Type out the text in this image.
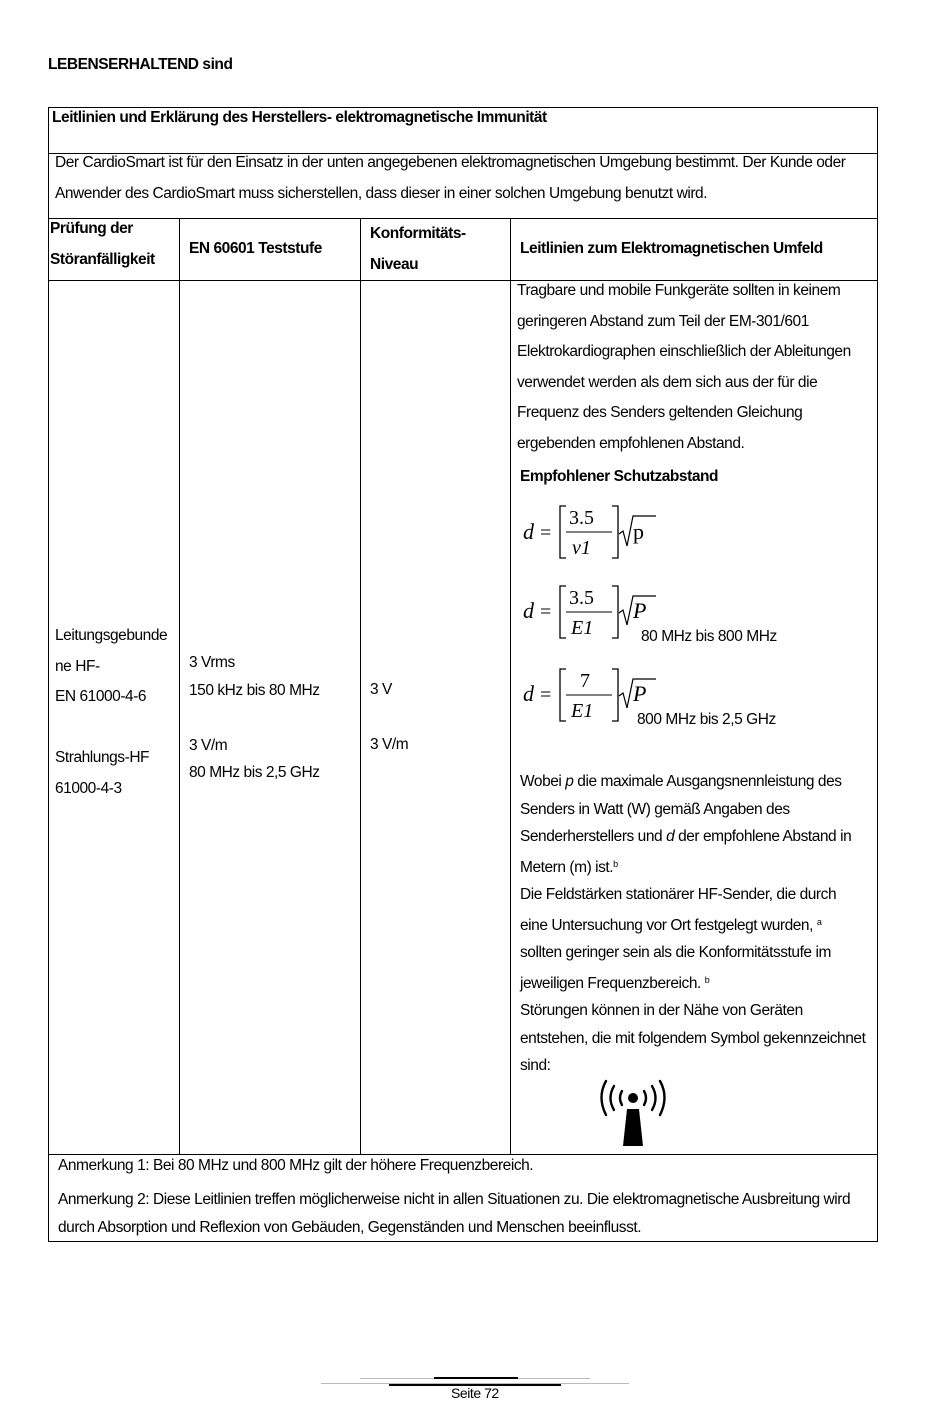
LEBENSERHALTEND sind
Leitlinien und Erklärung des Herstellers- elektromagnetische Immunität
Der CardioSmart ist für den Einsatz in der unten angegebenen elektromagnetischen Umgebung bestimmt. Der Kunde oder
Anwender des CardioSmart muss sicherstellen, dass dieser in einer solchen Umgebung benutzt wird.
Prüfung der
Störanfälligkeit
EN 60601 Teststufe
Konformitäts-
Niveau
Leitlinien zum Elektromagnetischen Umfeld
Leitungsgebunde
ne HF-
EN 61000-4-6
Strahlungs-HF
61000-4-3
3 Vrms
150 kHz bis 80 MHz
3 V/m
80 MHz bis 2,5 GHz
3 V
3 V/m
Tragbare und mobile Funkgeräte sollten in keinem
geringeren Abstand zum Teil der EM-301/601
Elektrokardiographen einschließlich der Ableitungen
verwendet werden als dem sich aus der für die
Frequenz des Senders geltenden Gleichung
ergebenden empfohlenen Abstand.
Empfohlener Schutzabstand
d =
3.5
v1
p
d =
3.5
E1
P
80 MHz bis 800 MHz
d =
7
E1
P
800 MHz bis 2,5 GHz
Wobei p die maximale Ausgangsnennleistung des
Senders in Watt (W) gemäß Angaben des
Senderherstellers und d der empfohlene Abstand in
Metern (m) ist.$^b$
Die Feldstärken stationärer HF-Sender, die durch
eine Untersuchung vor Ort festgelegt wurden, $^a$
sollten geringer sein als die Konformitätsstufe im
jeweiligen Frequenzbereich. $^b$
Störungen können in der Nähe von Geräten
entstehen, die mit folgendem Symbol gekennzeichnet
sind:
Anmerkung 1: Bei 80 MHz und 800 MHz gilt der höhere Frequenzbereich.
Anmerkung 2: Diese Leitlinien treffen möglicherweise nicht in allen Situationen zu. Die elektromagnetische Ausbreitung wird
durch Absorption und Reflexion von Gebäuden, Gegenständen und Menschen beeinflusst.
Seite 72
